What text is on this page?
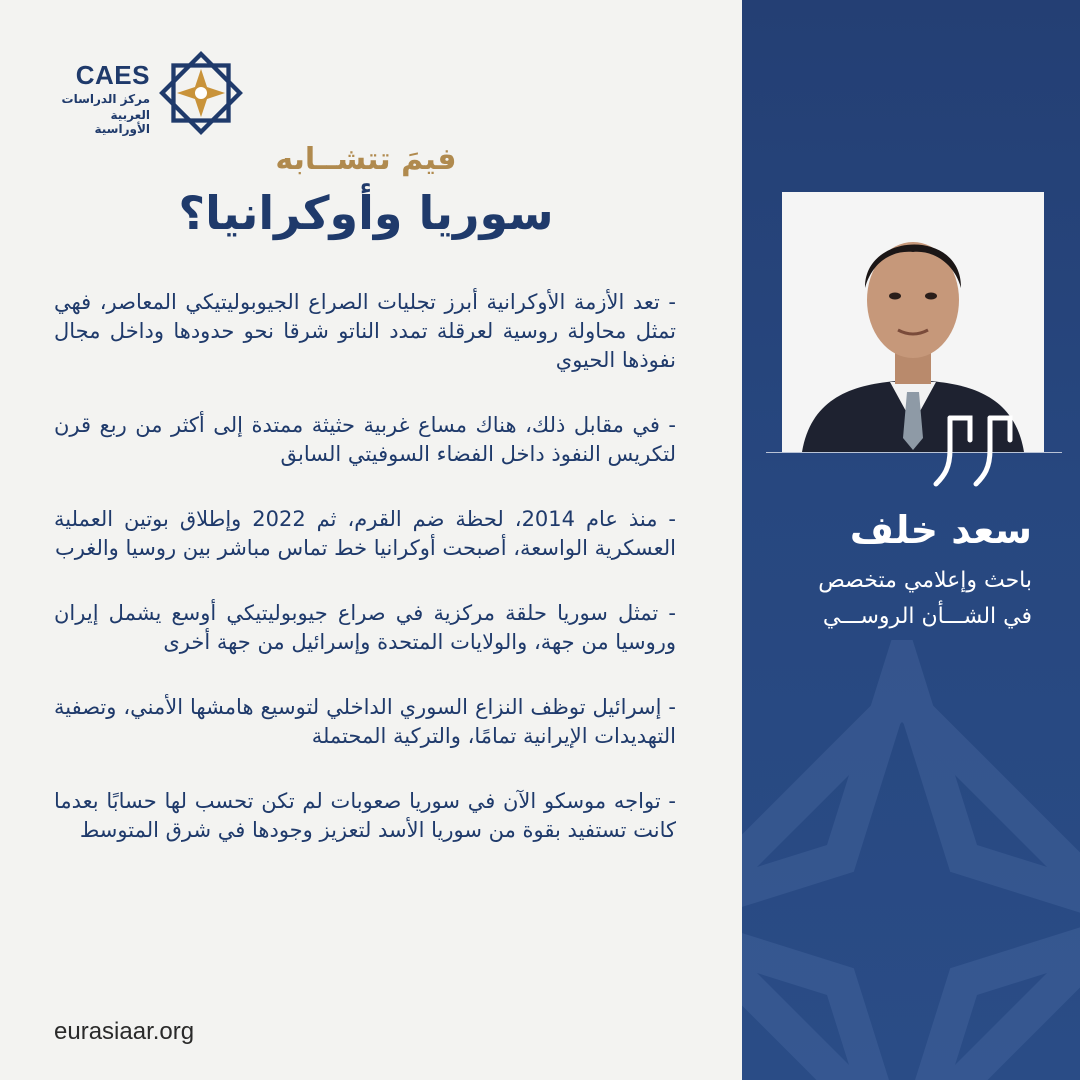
CAES
مركز الدراسات
العربية الأوراسية
فيمَ تتشــابه
سوريا وأوكرانيا؟

- تعد الأزمة الأوكرانية أبرز تجليات الصراع الجيوبوليتيكي المعاصر، فهي تمثل محاولة روسية لعرقلة تمدد الناتو شرقا نحو حدودها وداخل مجال نفوذها الحيوي

- في مقابل ذلك، هناك مساع غربية حثيثة ممتدة إلى أكثر من ربع قرن لتكريس النفوذ داخل الفضاء السوفيتي السابق

- منذ عام 2014، لحظة ضم القرم، ثم 2022 وإطلاق بوتين العملية العسكرية الواسعة، أصبحت أوكرانيا خط تماس مباشر بين روسيا والغرب

- تمثل سوريا حلقة مركزية في صراع جيوبوليتيكي أوسع يشمل إيران وروسيا من جهة، والولايات المتحدة وإسرائيل من جهة أخرى

- إسرائيل توظف النزاع السوري الداخلي لتوسيع هامشها الأمني، وتصفية التهديدات الإيرانية تمامًا، والتركية المحتملة

- تواجه موسكو الآن في سوريا صعوبات لم تكن تحسب لها حسابًا بعدما كانت تستفيد بقوة من سوريا الأسد لتعزيز وجودها في شرق المتوسط

eurasiaar.org
سعد خلف
باحث وإعلامي متخصص
في الشـــأن الروســـي
